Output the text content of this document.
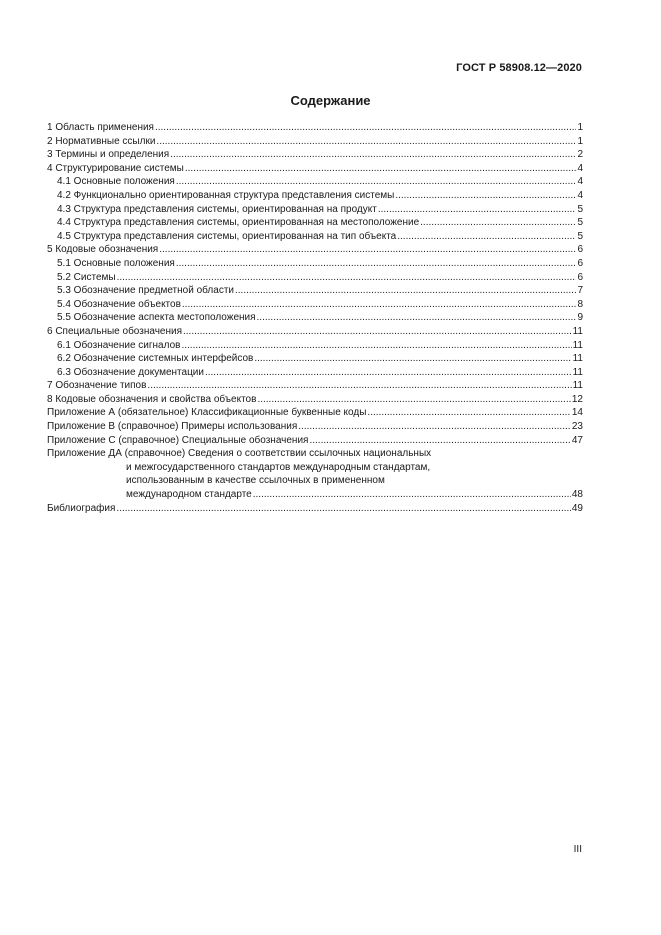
ГОСТ Р 58908.12—2020
Содержание
1 Область применения .....	1
2 Нормативные ссылки .....	1
3 Термины и определения .....	2
4 Структурирование системы .....	4
4.1 Основные положения .....	4
4.2 Функционально ориентированная структура представления системы .....	4
4.3 Структура представления системы, ориентированная на продукт .....	5
4.4 Структура представления системы, ориентированная на местоположение .....	5
4.5 Структура представления системы, ориентированная на тип объекта .....	5
5 Кодовые обозначения .....	6
5.1 Основные положения .....	6
5.2 Системы .....	6
5.3 Обозначение предметной области .....	7
5.4 Обозначение объектов .....	8
5.5 Обозначение аспекта местоположения .....	9
6 Специальные обозначения .....	11
6.1 Обозначение сигналов .....	11
6.2 Обозначение системных интерфейсов .....	11
6.3 Обозначение документации .....	11
7 Обозначение типов .....	11
8 Кодовые обозначения и свойства объектов .....	12
Приложение А (обязательное) Классификационные буквенные коды .....	14
Приложение В (справочное) Примеры использования .....	23
Приложение С (справочное) Специальные обозначения .....	47
Приложение ДА (справочное) Сведения о соответствии ссылочных национальных
и межгосударственного стандартов международным стандартам,
использованным в качестве ссылочных в примененном
международном стандарте .....	48
Библиография .....	49
III
